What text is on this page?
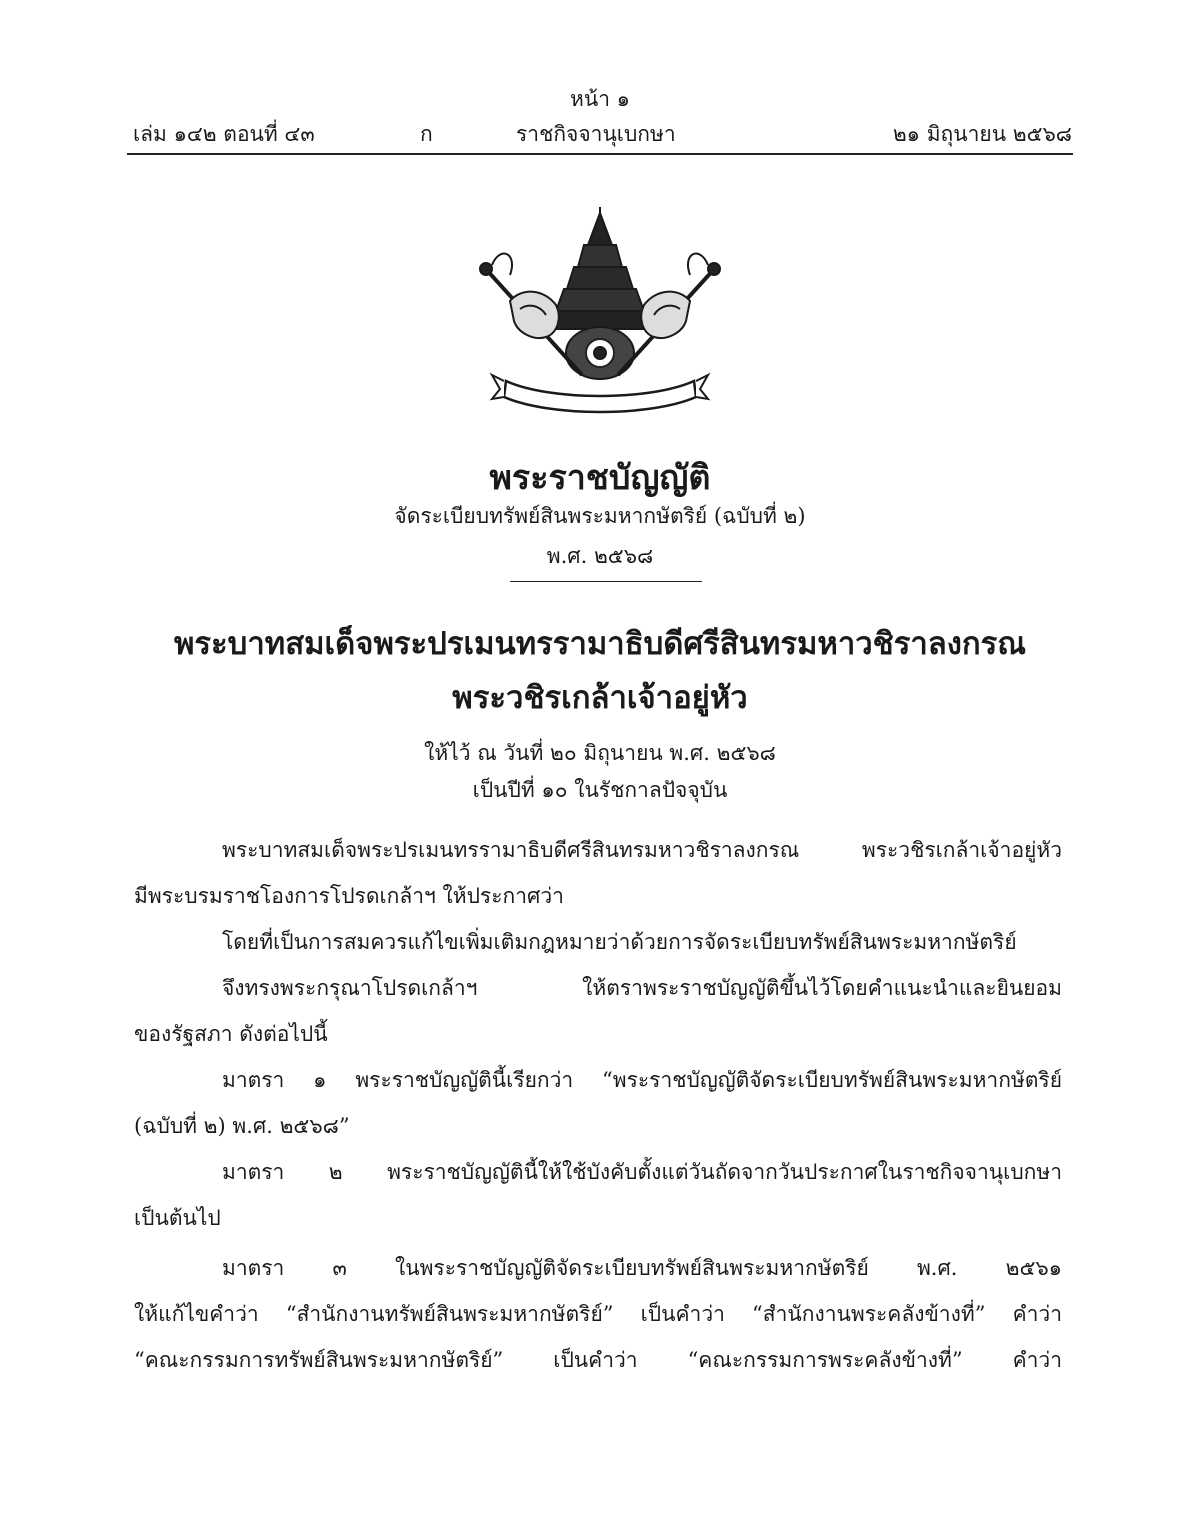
หน้า ๑
เล่ม ๑๔๒ ตอนที่ ๔๓	ก	ราชกิจจานุเบกษา	๒๑ มิถุนายน ๒๕๖๘
พระราชบัญญัติ
จัดระเบียบทรัพย์สินพระมหากษัตริย์ (ฉบับที่ ๒)
พ.ศ. ๒๕๖๘
พระบาทสมเด็จพระปรเมนทรรามาธิบดีศรีสินทรมหาวชิราลงกรณ
พระวชิรเกล้าเจ้าอยู่หัว
ให้ไว้ ณ วันที่ ๒๐ มิถุนายน พ.ศ. ๒๕๖๘
เป็นปีที่ ๑๐ ในรัชกาลปัจจุบัน
พระบาทสมเด็จพระปรเมนทรรามาธิบดีศรีสินทรมหาวชิราลงกรณ พระวชิรเกล้าเจ้าอยู่หัว
มีพระบรมราชโองการโปรดเกล้าฯ ให้ประกาศว่า
โดยที่เป็นการสมควรแก้ไขเพิ่มเติมกฎหมายว่าด้วยการจัดระเบียบทรัพย์สินพระมหากษัตริย์
จึงทรงพระกรุณาโปรดเกล้าฯ ให้ตราพระราชบัญญัติขึ้นไว้โดยคำแนะนำและยินยอม
ของรัฐสภา ดังต่อไปนี้
มาตรา ๑ พระราชบัญญัตินี้เรียกว่า “พระราชบัญญัติจัดระเบียบทรัพย์สินพระมหากษัตริย์
(ฉบับที่ ๒) พ.ศ. ๒๕๖๘”
มาตรา ๒ พระราชบัญญัตินี้ให้ใช้บังคับตั้งแต่วันถัดจากวันประกาศในราชกิจจานุเบกษา
เป็นต้นไป
มาตรา ๓ ในพระราชบัญญัติจัดระเบียบทรัพย์สินพระมหากษัตริย์ พ.ศ. ๒๕๖๑
ให้แก้ไขคำว่า “สำนักงานทรัพย์สินพระมหากษัตริย์” เป็นคำว่า “สำนักงานพระคลังข้างที่” คำว่า
“คณะกรรมการทรัพย์สินพระมหากษัตริย์” เป็นคำว่า “คณะกรรมการพระคลังข้างที่” คำว่า
